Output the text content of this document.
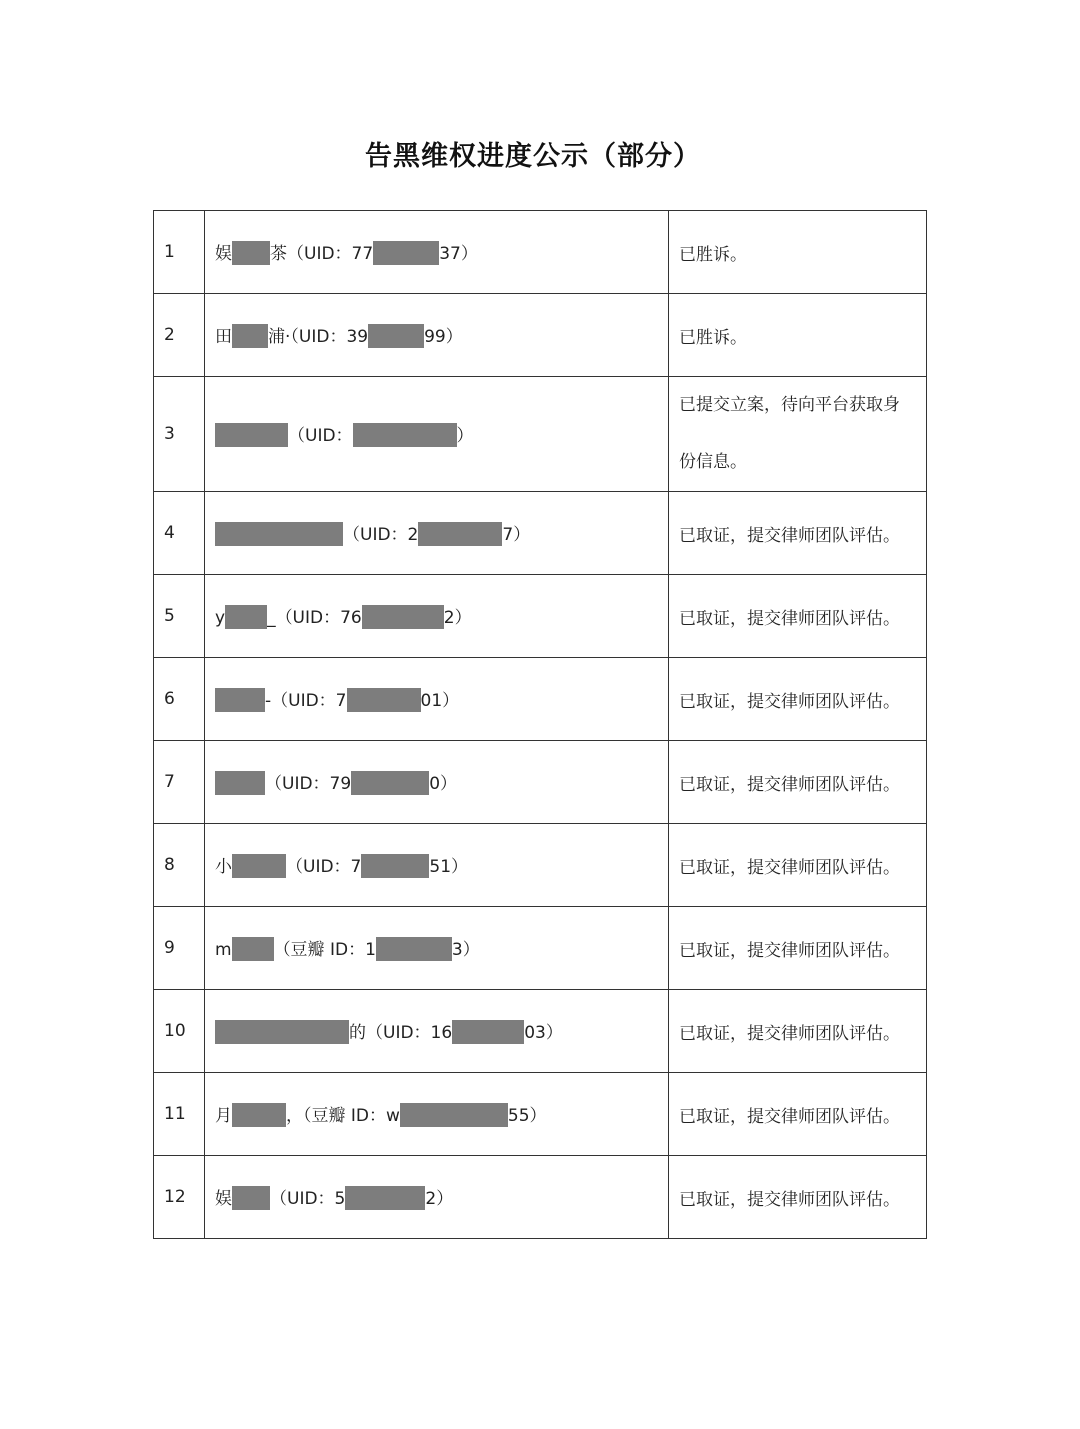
告黑维权进度公示（部分）
1	娱 茶（UID：77 37）	已胜诉。
2	田 浦·（UID：39 99）	已胜诉。
3	（UID： ）	已提交立案，待向平台获取身份信息。
4	（UID：2 7）	已取证，提交律师团队评估。
5	y _（UID：76 2）	已取证，提交律师团队评估。
6	-（UID：7 01）	已取证，提交律师团队评估。
7	（UID：79 0）	已取证，提交律师团队评估。
8	小 （UID：7 51）	已取证，提交律师团队评估。
9	m （豆瓣 ID：1 3）	已取证，提交律师团队评估。
10	的（UID：16 03）	已取证，提交律师团队评估。
11	月 ，（豆瓣 ID：w 55）	已取证，提交律师团队评估。
12	娱 （UID：5 2）	已取证，提交律师团队评估。
